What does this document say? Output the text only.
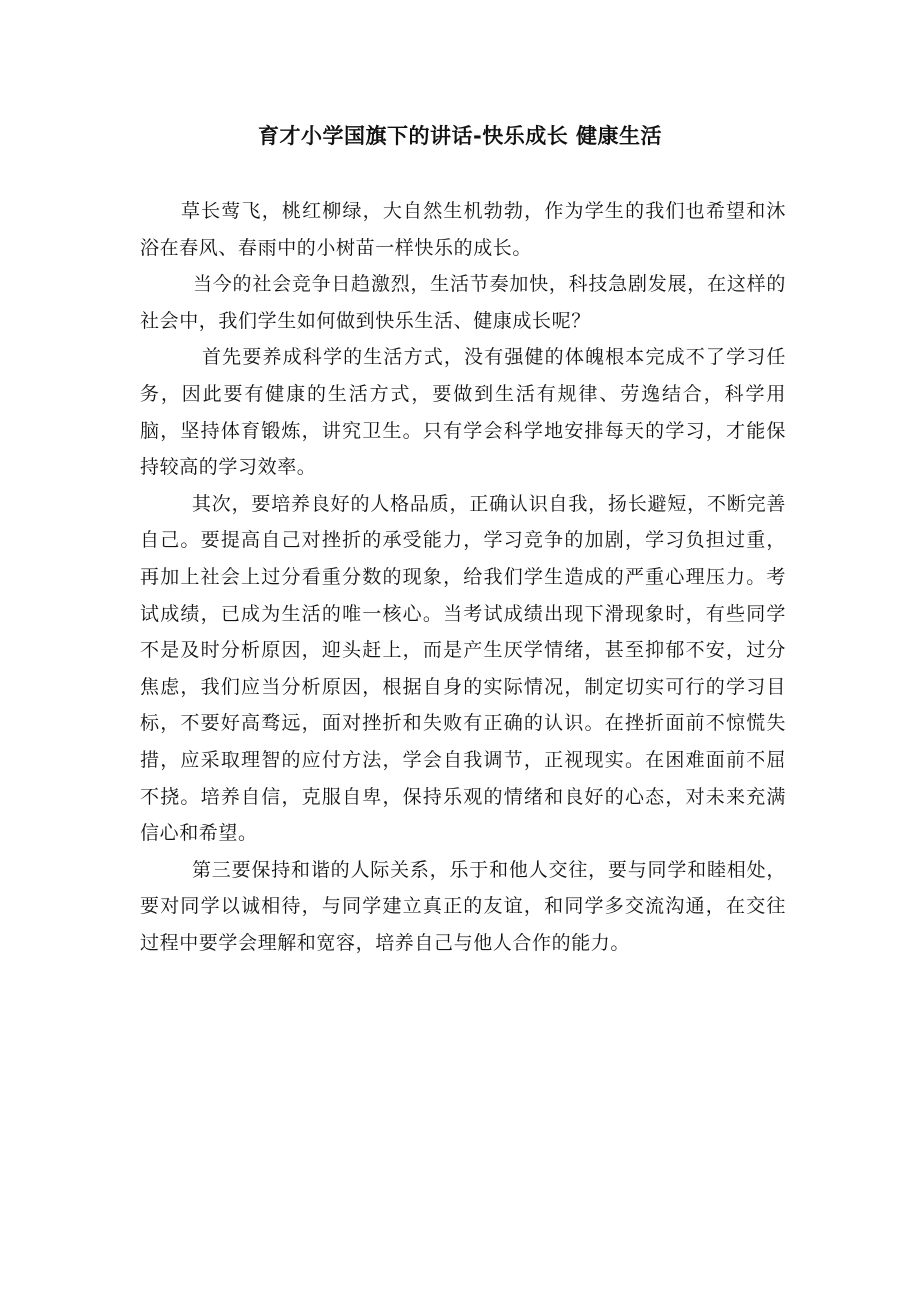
育才小学国旗下的讲话-快乐成长 健康生活

草长莺飞，桃红柳绿，大自然生机勃勃，作为学生的我们也希望和沐浴在春风、春雨中的小树苗一样快乐的成长。

当今的社会竞争日趋激烈，生活节奏加快，科技急剧发展，在这样的社会中，我们学生如何做到快乐生活、健康成长呢？

首先要养成科学的生活方式，没有强健的体魄根本完成不了学习任务，因此要有健康的生活方式，要做到生活有规律、劳逸结合，科学用脑，坚持体育锻炼，讲究卫生。只有学会科学地安排每天的学习，才能保持较高的学习效率。

其次，要培养良好的人格品质，正确认识自我，扬长避短，不断完善自己。要提高自己对挫折的承受能力，学习竞争的加剧，学习负担过重，再加上社会上过分看重分数的现象，给我们学生造成的严重心理压力。考试成绩，已成为生活的唯一核心。当考试成绩出现下滑现象时，有些同学不是及时分析原因，迎头赶上，而是产生厌学情绪，甚至抑郁不安，过分焦虑，我们应当分析原因，根据自身的实际情况，制定切实可行的学习目标，不要好高骛远，面对挫折和失败有正确的认识。在挫折面前不惊慌失措，应采取理智的应付方法，学会自我调节，正视现实。在困难面前不屈不挠。培养自信，克服自卑，保持乐观的情绪和良好的心态，对未来充满信心和希望。

第三要保持和谐的人际关系，乐于和他人交往，要与同学和睦相处，要对同学以诚相待，与同学建立真正的友谊，和同学多交流沟通，在交往过程中要学会理解和宽容，培养自己与他人合作的能力。
